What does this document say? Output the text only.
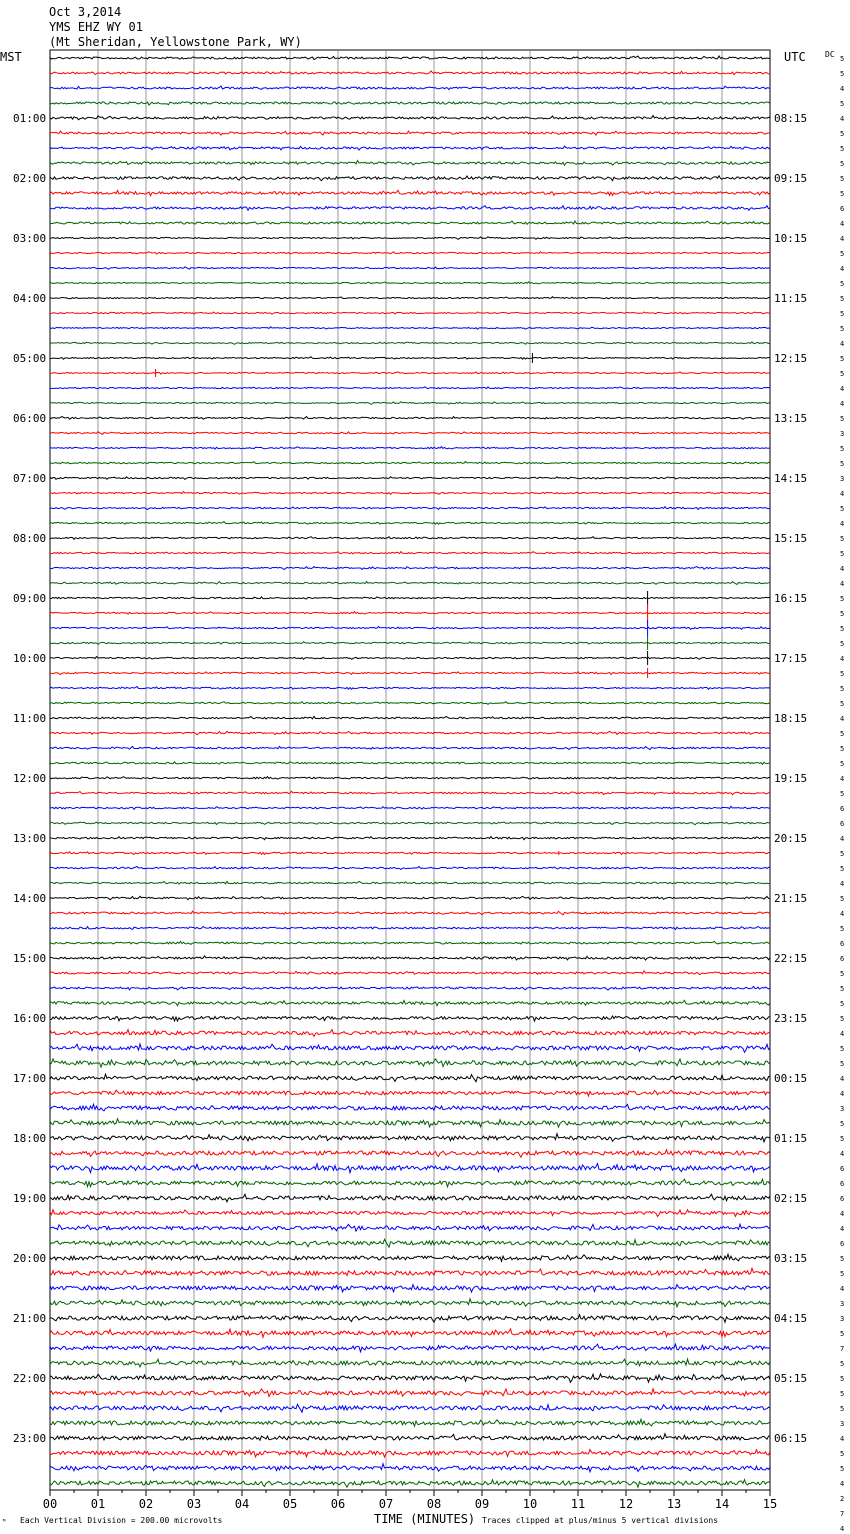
Oct 3,2014
YMS EHZ WY 01
(Mt Sheridan, Yellowstone Park, WY)
MST	UTC DC
01:00
02:00
03:00
04:00
05:00
06:00
07:00
08:00
09:00
10:00
11:00
12:00
13:00
14:00
15:00
16:00
17:00
18:00
19:00
20:00
21:00
22:00
23:00
08:15
09:15
10:15
11:15
12:15
13:15
14:15
15:15
16:15
17:15
18:15
19:15
20:15
21:15
22:15
23:15
00:15
01:15
02:15
03:15
04:15
05:15
06:15
5
5
4
5
4
5
5
5
5
5
6
4
4
5
4
5
5
5
5
4
5
5
4
4
5
3
5
5
3
4
5
4
5
5
4
4
5
5
5
5
4
5
5
5
4
5
5
5
4
5
6
6
4
5
5
4
5
4
5
6
6
5
5
5
5
4
5
5
4
4
3
5
5
4
6
6
6
4
4
6
5
5
4
3
3
5
7
5
5
5
5
3
4
5
5
4
2
7
4
00	01	02	03	04	05	06	07	08	09	10	11	12	13	14	15
ᴹ Each Vertical Division = 200.00 microvolts	TIME (MINUTES) Traces clipped at plus/minus 5 vertical divisions
